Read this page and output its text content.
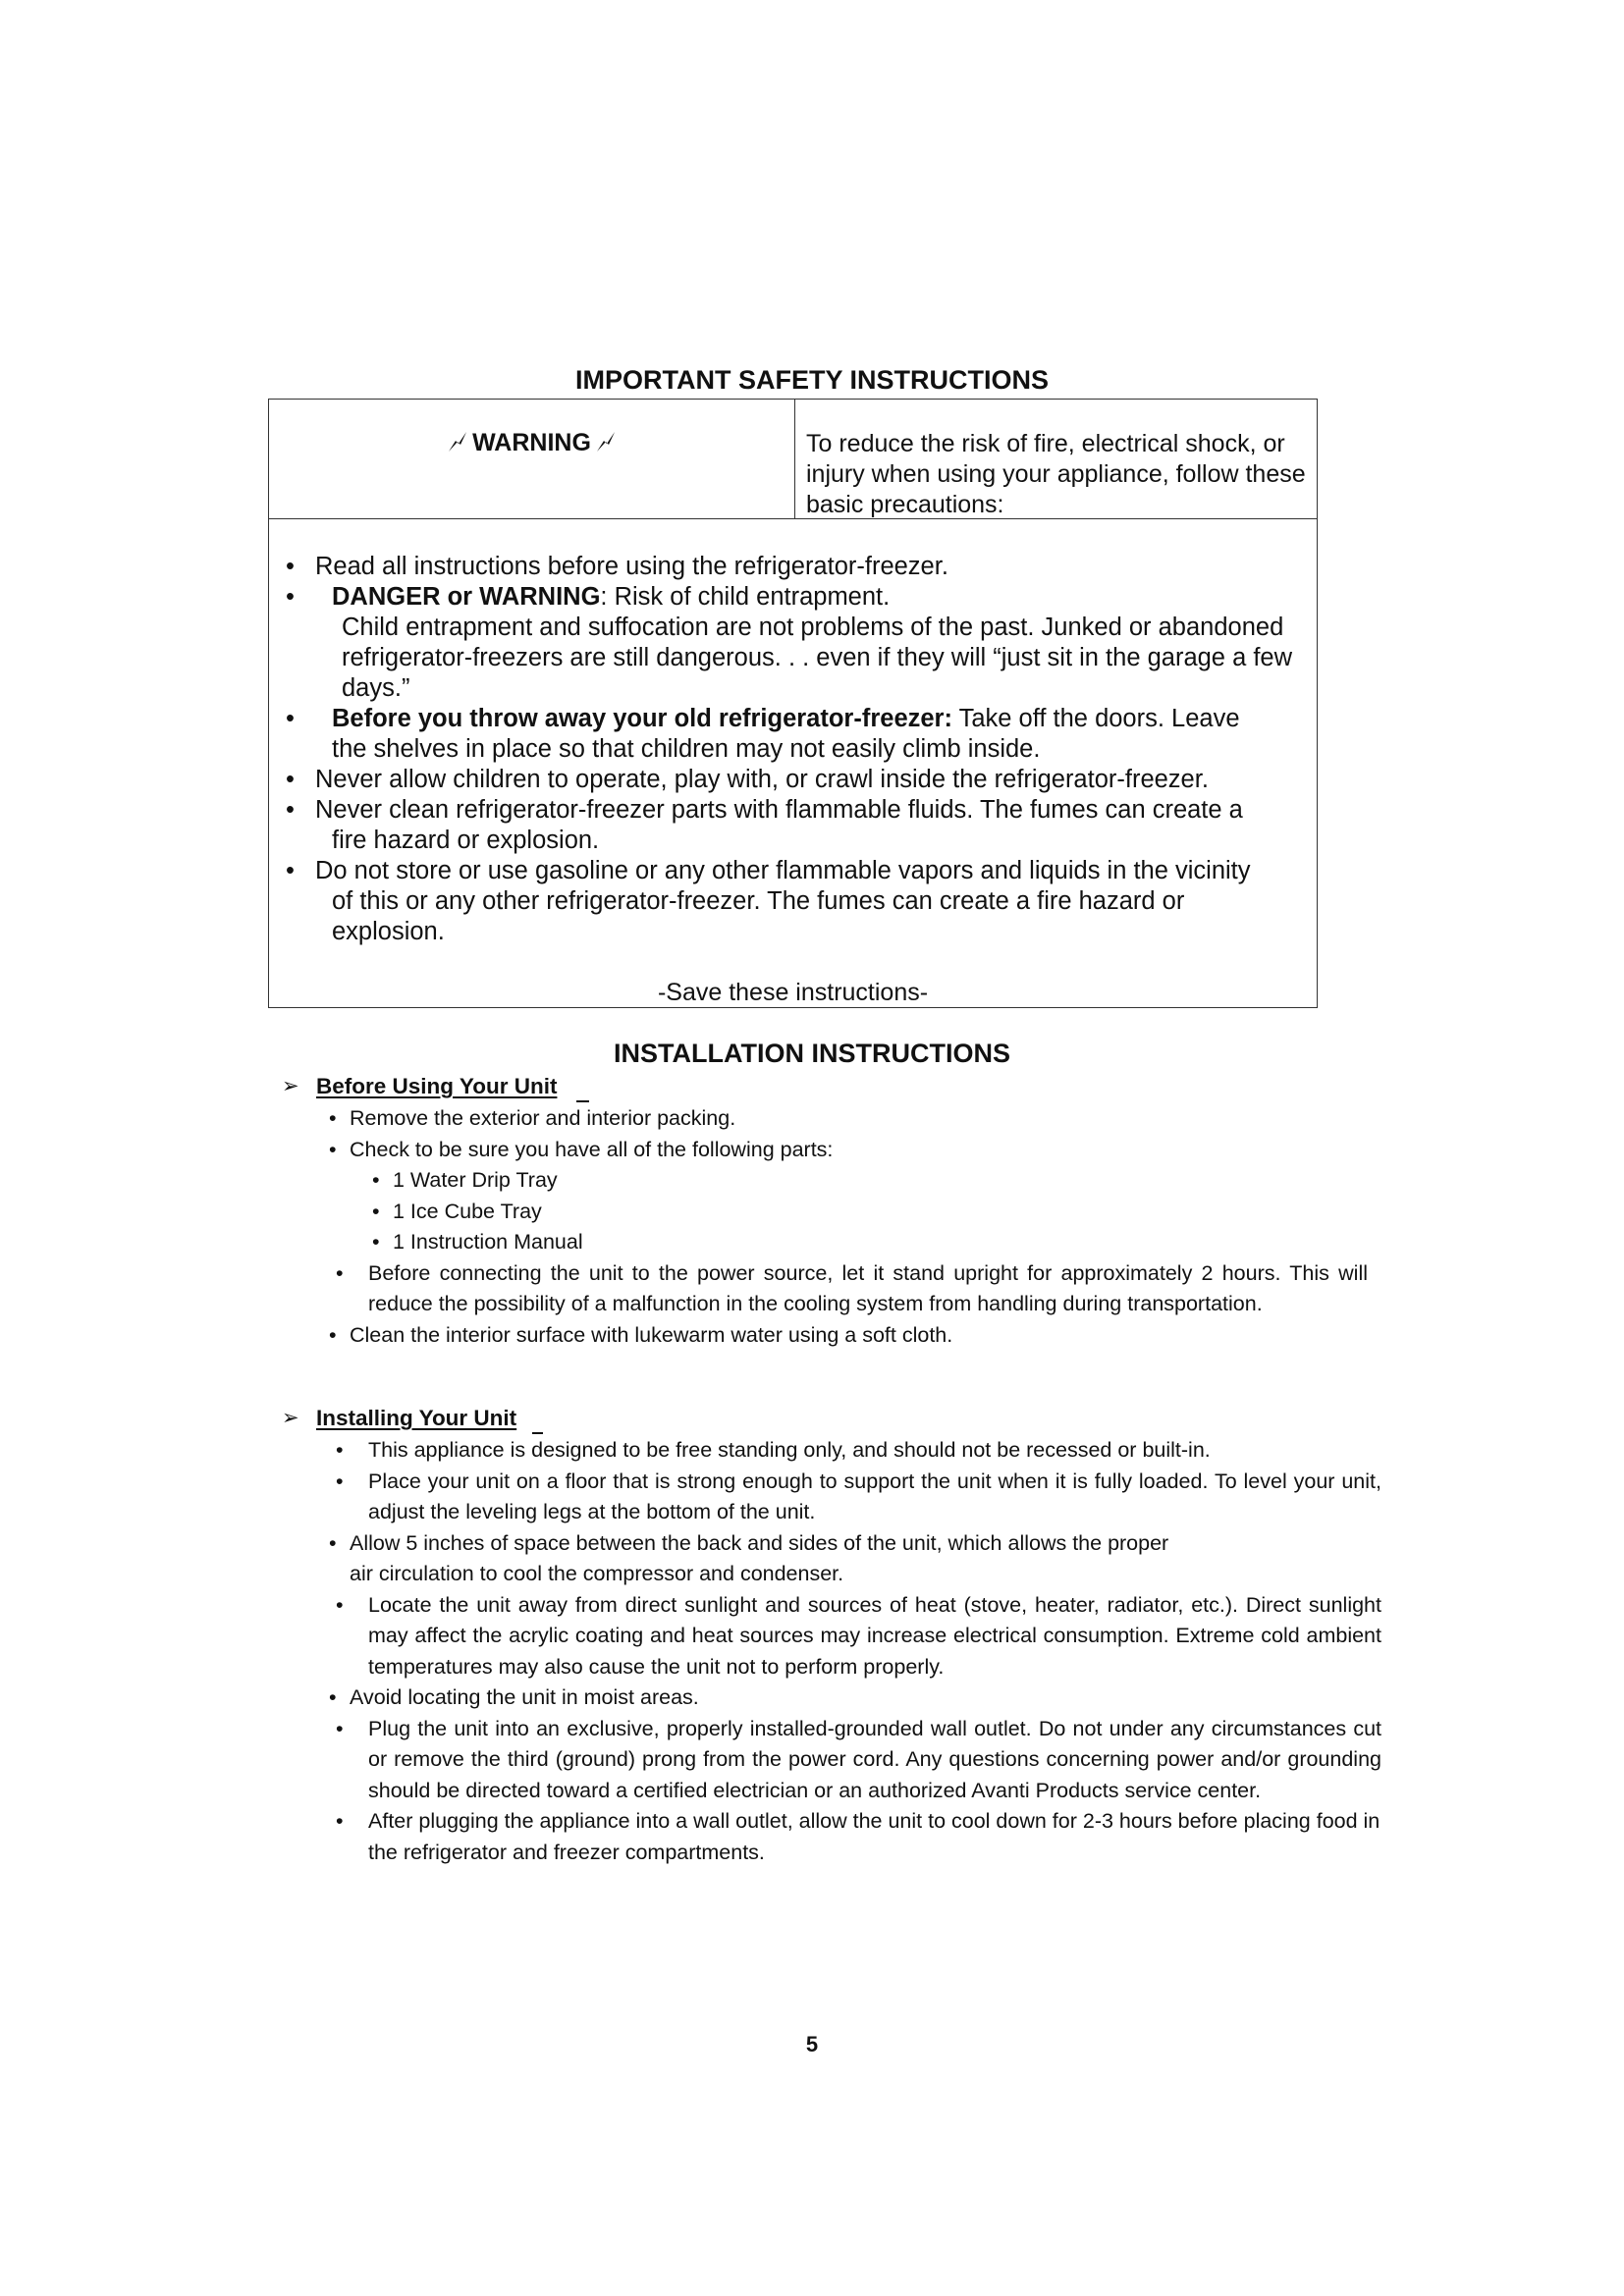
IMPORTANT SAFETY INSTRUCTIONS
WARNING	To reduce the risk of fire, electrical shock, or injury when using your appliance, follow these basic precautions:
• Read all instructions before using the refrigerator-freezer.
•	DANGER or WARNING: Risk of child entrapment.
Child entrapment and suffocation are not problems of the past. Junked or abandoned refrigerator-freezers are still dangerous. . . even if they will “just sit in the garage a few days.”
•	Before you throw away your old refrigerator-freezer: Take off the doors. Leave
the shelves in place so that children may not easily climb inside.
• Never allow children to operate, play with, or crawl inside the refrigerator-freezer.
• Never clean refrigerator-freezer parts with flammable fluids. The fumes can create a
fire hazard or explosion.
• Do not store or use gasoline or any other flammable vapors and liquids in the vicinity
of this or any other refrigerator-freezer. The fumes can create a fire hazard or explosion.
-Save these instructions-
INSTALLATION INSTRUCTIONS
➢ Before Using Your Unit
• Remove the exterior and interior packing.
• Check to be sure you have all of the following parts:
• 1 Water Drip Tray
• 1 Ice Cube Tray
• 1 Instruction Manual
• Before connecting the unit to the power source, let it stand upright for approximately 2 hours. This will reduce the possibility of a malfunction in the cooling system from handling during transportation.
• Clean the interior surface with lukewarm water using a soft cloth.
➢ Installing Your Unit
• This appliance is designed to be free standing only, and should not be recessed or built-in.
• Place your unit on a floor that is strong enough to support the unit when it is fully loaded. To level your unit, adjust the leveling legs at the bottom of the unit.
• Allow 5 inches of space between the back and sides of the unit, which allows the proper air circulation to cool the compressor and condenser.
• Locate the unit away from direct sunlight and sources of heat (stove, heater, radiator, etc.). Direct sunlight may affect the acrylic coating and heat sources may increase electrical consumption. Extreme cold ambient temperatures may also cause the unit not to perform properly.
• Avoid locating the unit in moist areas.
• Plug the unit into an exclusive, properly installed-grounded wall outlet. Do not under any circumstances cut or remove the third (ground) prong from the power cord. Any questions concerning power and/or grounding should be directed toward a certified electrician or an authorized Avanti Products service center.
• After plugging the appliance into a wall outlet, allow the unit to cool down for 2-3 hours before placing food in the refrigerator and freezer compartments.
5
